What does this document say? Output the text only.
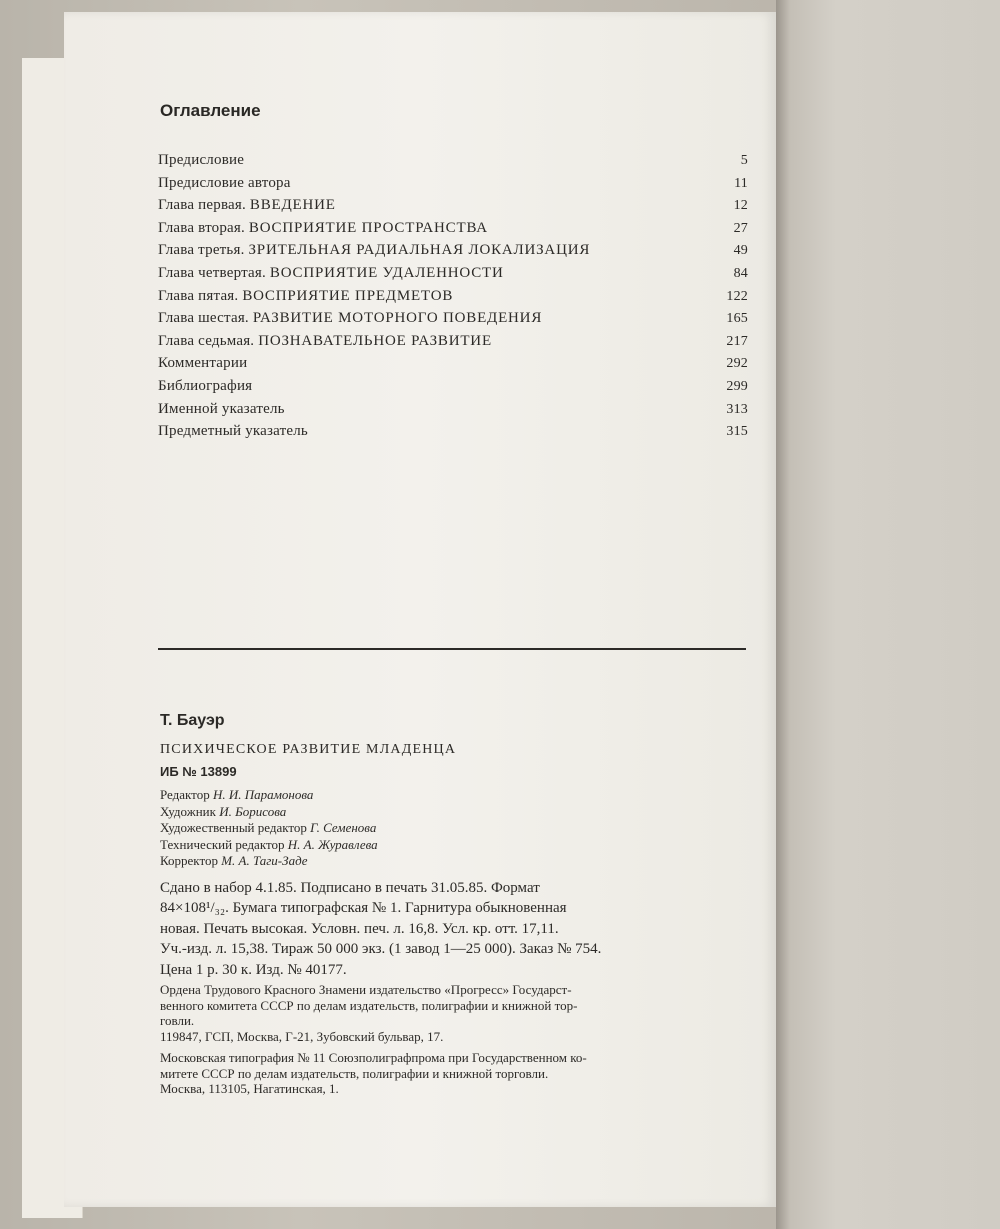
Оглавление
Предисловие	5
Предисловие автора	11
Глава первая. ВВЕДЕНИЕ	12
Глава вторая. ВОСПРИЯТИЕ ПРОСТРАНСТВА	27
Глава третья. ЗРИТЕЛЬНАЯ РАДИАЛЬНАЯ ЛОКАЛИЗАЦИЯ	49
Глава четвертая. ВОСПРИЯТИЕ УДАЛЕННОСТИ	84
Глава пятая. ВОСПРИЯТИЕ ПРЕДМЕТОВ	122
Глава шестая. РАЗВИТИЕ МОТОРНОГО ПОВЕДЕНИЯ	165
Глава седьмая. ПОЗНАВАТЕЛЬНОЕ РАЗВИТИЕ	217
Комментарии	292
Библиография	299
Именной указатель	313
Предметный указатель	315
Т. Бауэр
ПСИХИЧЕСКОЕ РАЗВИТИЕ МЛАДЕНЦА
ИБ № 13899
Редактор Н. И. Парамонова
Художник И. Борисова
Художественный редактор Г. Семенова
Технический редактор Н. А. Журавлева
Корректор М. А. Таги-Заде
Сдано в набор 4.1.85. Подписано в печать 31.05.85. Формат
84×108¹/₃₂. Бумага типографская № 1. Гарнитура обыкновенная
новая. Печать высокая. Условн. печ. л. 16,8. Усл. кр. отт. 17,11.
Уч.-изд. л. 15,38. Тираж 50 000 экз. (1 завод 1—25 000). Заказ № 754.
Цена 1 р. 30 к. Изд. № 40177.
Ордена Трудового Красного Знамени издательство «Прогресс» Государст-
венного комитета СССР по делам издательств, полиграфии и книжной тор-
говли.
119847, ГСП, Москва, Г-21, Зубовский бульвар, 17.
Московская типография № 11 Союзполиграфпрома при Государственном ко-
митете СССР по делам издательств, полиграфии и книжной торговли.
Москва, 113105, Нагатинская, 1.
